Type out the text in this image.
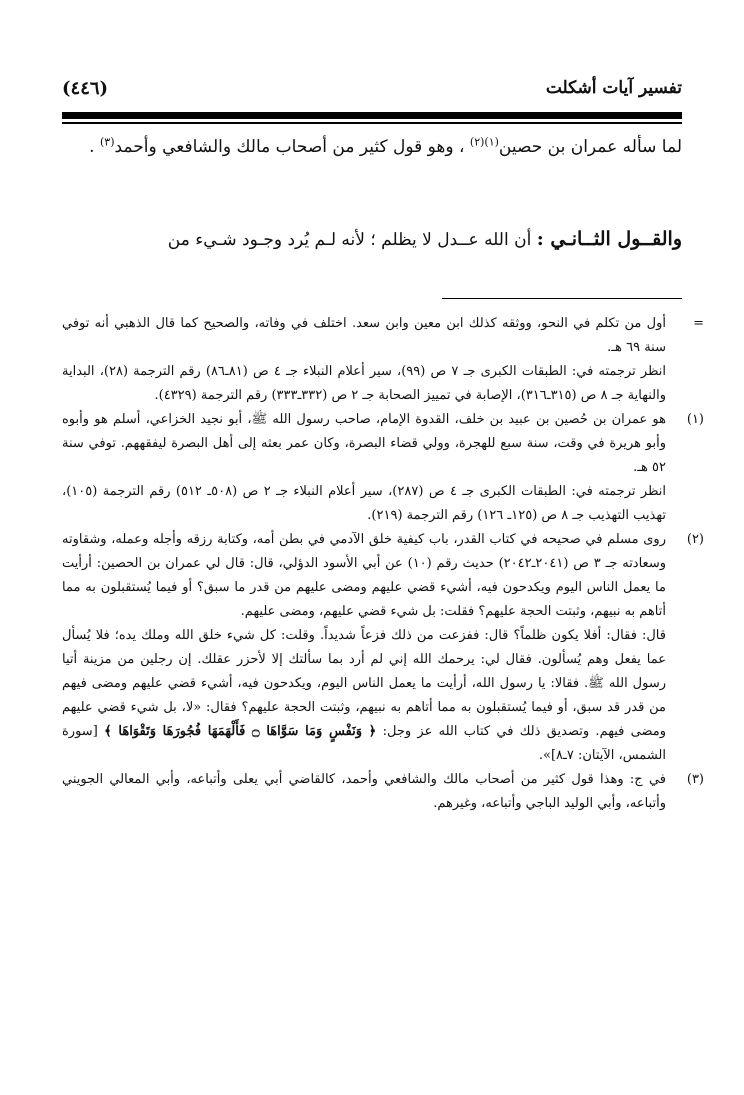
تفسير آيات أشكلت
(٤٤٦)

لما سأله عمران بن حصين$^{(١)(٢)}$ ، وهو قول كثير من أصحاب مالك والشافعي وأحمد$^{(٣)}$ .

والقــول الثــانـي : أن الله عــدل لا يظلم ؛ لأنه لـم يُرد وجـود شـيء من
=

أول من تكلم في النحو، ووثقه كذلك ابن معين وابن سعد. اختلف في وفاته، والصحيح كما قال الذهبي أنه توفي سنة ٦٩ هـ.

انظر ترجمته في: الطبقات الكبرى جـ ٧ ص (٩٩)، سير أعلام النبلاء جـ ٤ ص (٨١ـ٨٦) رقم الترجمة (٢٨)، البداية والنهاية جـ ٨ ص (٣١٥ـ٣١٦)، الإصابة في تمييز الصحابة جـ ٢ ص (٣٣٢ـ٣٣٣) رقم الترجمة (٤٣٢٩).

(١)

هو عمران بن حُصين بن عبيد بن خلف، القدوة الإمام، صاحب رسول الله ﷺ، أبو نجيد الخزاعي، أسلم هو وأبوه وأبو هريرة في وقت، سنة سبع للهجرة، وولي قضاء البصرة، وكان عمر بعثه إلى أهل البصرة ليفقههم. توفي سنة ٥٢ هـ.

انظر ترجمته في: الطبقات الكبرى جـ ٤ ص (٢٨٧)، سير أعلام النبلاء جـ ٢ ص (٥٠٨ـ ٥١٢) رقم الترجمة (١٠٥)، تهذيب التهذيب جـ ٨ ص (١٢٥ـ ١٢٦) رقم الترجمة (٢١٩).

(٢)

روى مسلم في صحيحه في كتاب القدر، باب كيفية خلق الآدمي في بطن أمه، وكتابة رزقه وأجله وعمله، وشقاوته وسعادته جـ ٣ ص (٢٠٤١ـ٢٠٤٢) حديث رقم (١٠) عن أبي الأسود الدؤلي، قال: قال لي عمران بن الحصين: أرأيت ما يعمل الناس اليوم ويكدحون فيه، أشيء قضي عليهم ومضى عليهم من قدر ما سبق؟ أو فيما يُستقبلون به مما أتاهم به نبيهم، وثبتت الحجة عليهم؟ فقلت: بل شيء قضي عليهم، ومضى عليهم.

قال: فقال: أفلا يكون ظلماً؟ قال: ففزعت من ذلك فزعاً شديداً. وقلت: كل شيء خلق الله وملك يده؛ فلا يُسأل عما يفعل وهم يُسألون. فقال لي: يرحمك الله إني لم أرد بما سألتك إلا لأحزر عقلك. إن رجلين من مزينة أتيا رسول الله ﷺ. فقالا: يا رسول الله، أرأيت ما يعمل الناس اليوم، ويكدحون فيه، أشيء قضي عليهم ومضى فيهم من قدر قد سبق، أو فيما يُستقبلون به مما أتاهم به نبيهم، وثبتت الحجة عليهم؟ فقال: «لا، بل شيء قضي عليهم ومضى فيهم. وتصديق ذلك في كتاب الله عز وجل: ﴿ وَنَفْسٍ وَمَا سَوَّاهَا ۝ فَأَلْهَمَهَا فُجُورَهَا وَتَقْوَاهَا ﴾ [سورة الشمس، الآيتان: ٧ـ٨]».

(٣)

في ج: وهذا قول كثير من أصحاب مالك والشافعي وأحمد، كالقاضي أبي يعلى وأتباعه، وأبي المعالي الجويني وأتباعه، وأبي الوليد الباجي وأتباعه، وغيرهم.
